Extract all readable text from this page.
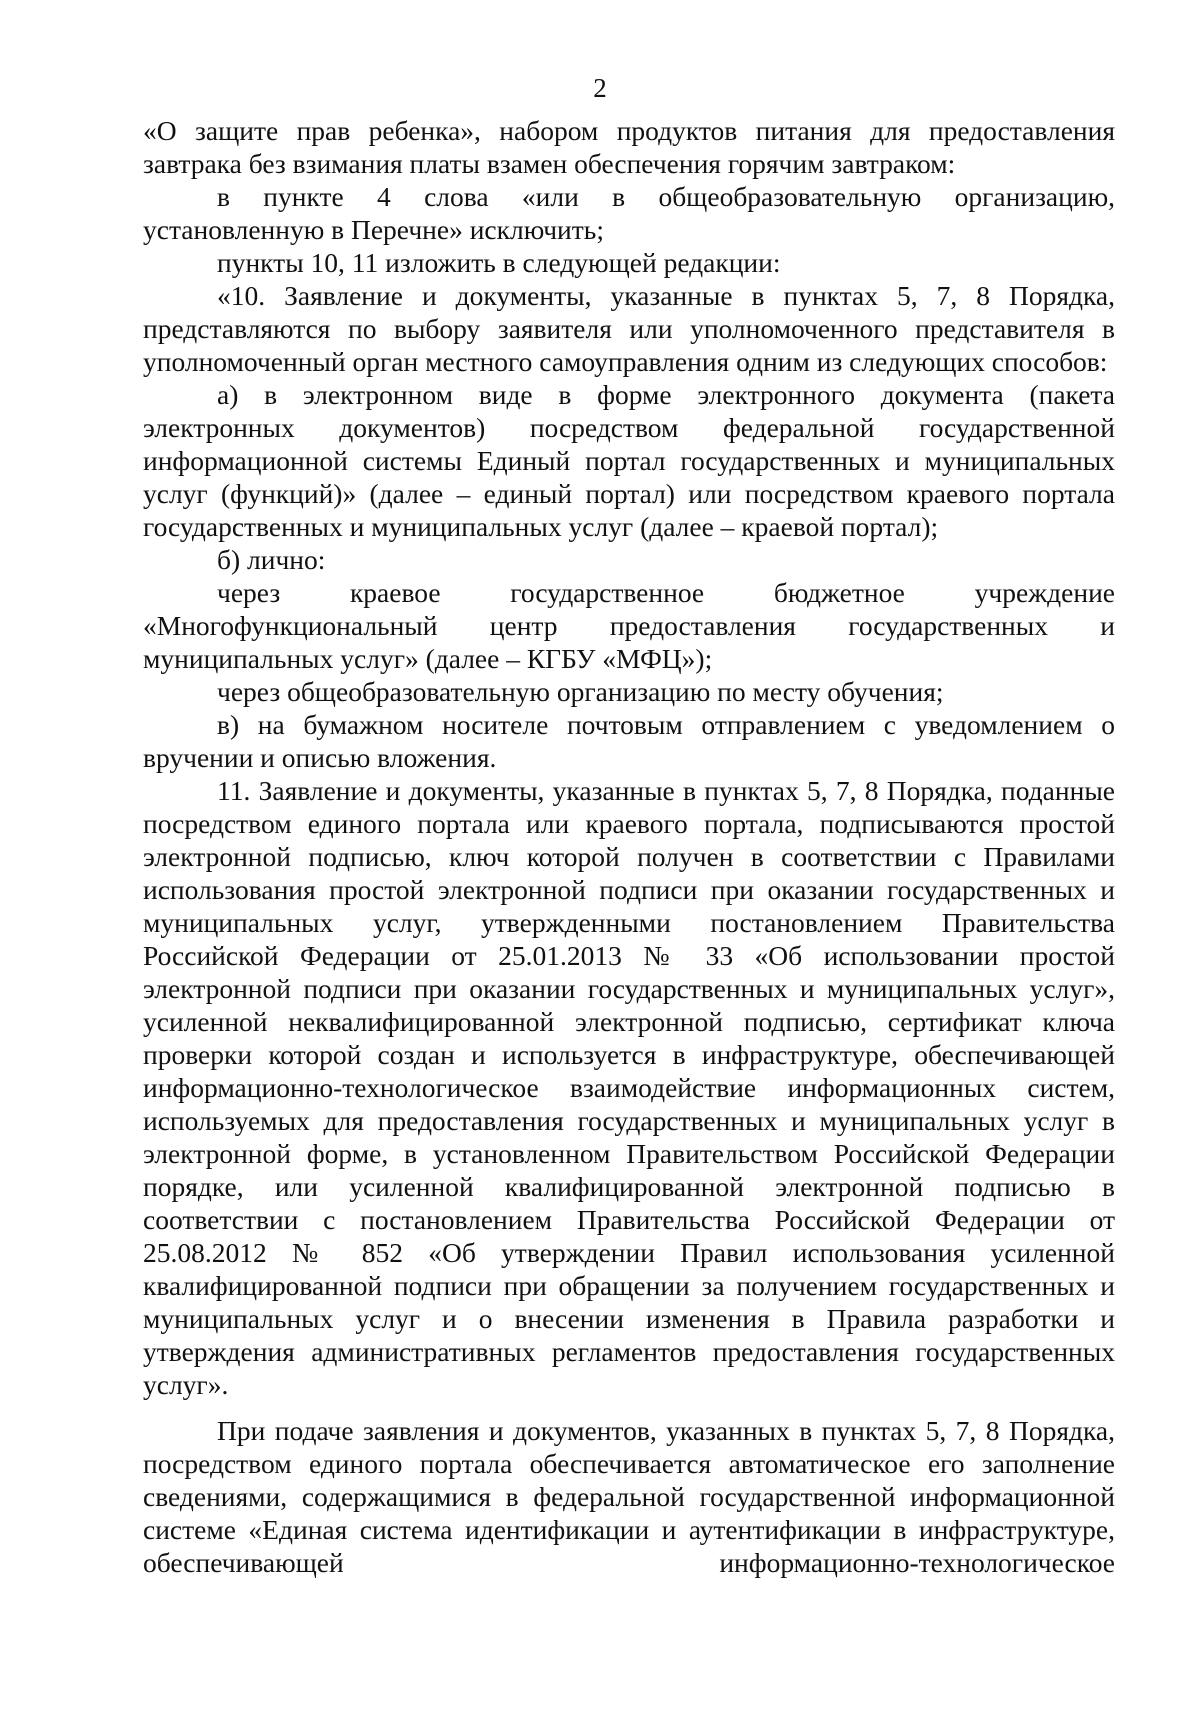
2

«О защите прав ребенка», набором продуктов питания для предоставления завтрака без взимания платы взамен обеспечения горячим завтраком:

в пункте 4 слова «или в общеобразовательную организацию, установленную в Перечне» исключить;

пункты 10, 11 изложить в следующей редакции:

«10. Заявление и документы, указанные в пунктах 5, 7, 8 Порядка, представляются по выбору заявителя или уполномоченного представителя в уполномоченный орган местного самоуправления одним из следующих способов:

а) в электронном виде в форме электронного документа (пакета электронных документов) посредством федеральной государственной информационной системы Единый портал государственных и муниципальных услуг (функций)» (далее – единый портал) или посредством краевого портала государственных и муниципальных услуг (далее – краевой портал);

б) лично:

через краевое государственное бюджетное учреждение «Многофункциональный центр предоставления государственных и муниципальных услуг» (далее – КГБУ «МФЦ»);

через общеобразовательную организацию по месту обучения;

в) на бумажном носителе почтовым отправлением с уведомлением о вручении и описью вложения.

11. Заявление и документы, указанные в пунктах 5, 7, 8 Порядка, поданные посредством единого портала или краевого портала, подписываются простой электронной подписью, ключ которой получен в соответствии с Правилами использования простой электронной подписи при оказании государственных и муниципальных услуг, утвержденными постановлением Правительства Российской Федерации от 25.01.2013 № 33 «Об использовании простой электронной подписи при оказании государственных и муниципальных услуг», усиленной неквалифицированной электронной подписью, сертификат ключа проверки которой создан и используется в инфраструктуре, обеспечивающей информационно-технологическое взаимодействие информационных систем, используемых для предоставления государственных и муниципальных услуг в электронной форме, в установленном Правительством Российской Федерации порядке, или усиленной квалифицированной электронной подписью в соответствии с постановлением Правительства Российской Федерации от 25.08.2012 № 852 «Об утверждении Правил использования усиленной квалифицированной подписи при обращении за получением государственных и муниципальных услуг и о внесении изменения в Правила разработки и утверждения административных регламентов предоставления государственных услуг».

При подаче заявления и документов, указанных в пунктах 5, 7, 8 Порядка, посредством единого портала обеспечивается автоматическое его заполнение сведениями, содержащимися в федеральной государственной информационной системе «Единая система идентификации и аутентификации в инфраструктуре, обеспечивающей информационно-технологическое
